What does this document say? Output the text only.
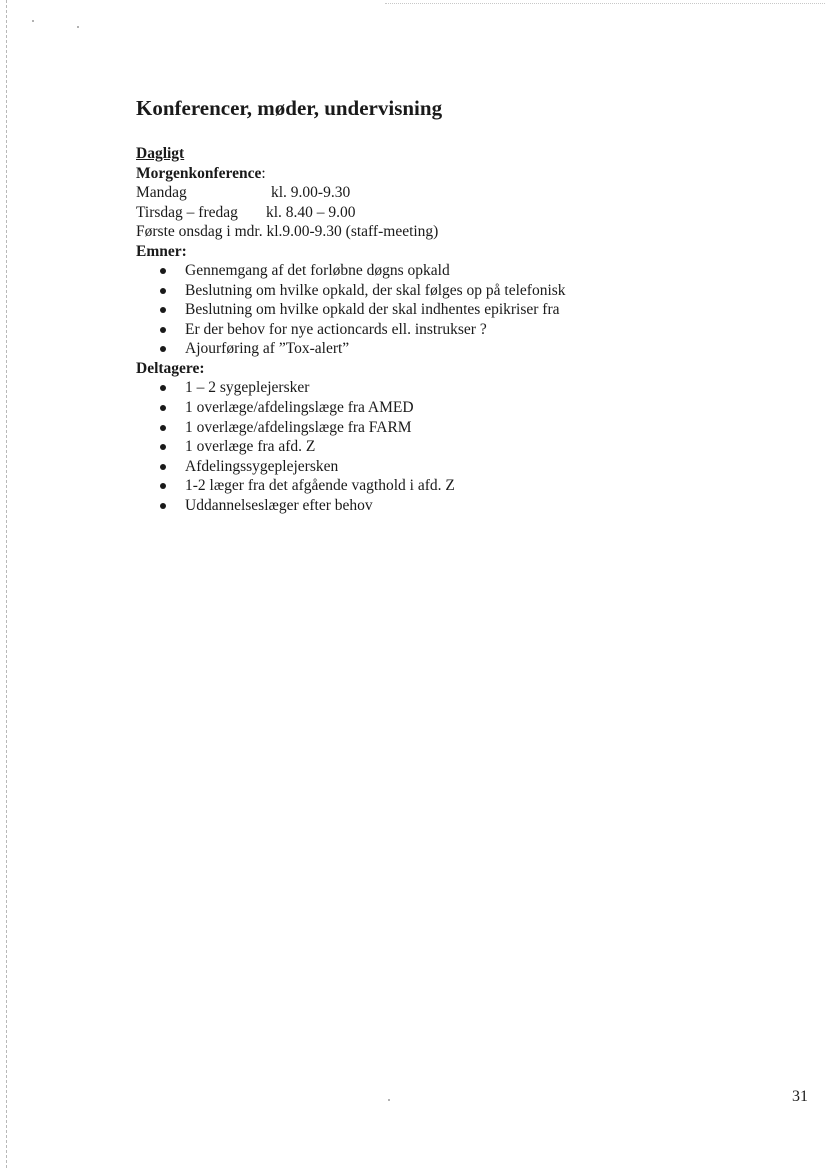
Konferencer, møder, undervisning
Dagligt
Morgenkonference:
Mandag	kl. 9.00-9.30
Tirsdag – fredag	kl. 8.40 – 9.00
Første onsdag i mdr. kl.9.00-9.30 (staff-meeting)
Emner:
Gennemgang af det forløbne døgns opkald
Beslutning om hvilke opkald, der skal følges op på telefonisk
Beslutning om hvilke opkald der skal indhentes epikriser fra
Er der behov for nye actioncards ell. instrukser ?
Ajourføring af ”Tox-alert”
Deltagere:
1 – 2 sygeplejersker
1 overlæge/afdelingslæge fra AMED
1 overlæge/afdelingslæge fra FARM
1 overlæge fra afd. Z
Afdelingssygeplejersken
1-2 læger fra det afgående vagthold i afd. Z
Uddannelseslæger efter behov
31
